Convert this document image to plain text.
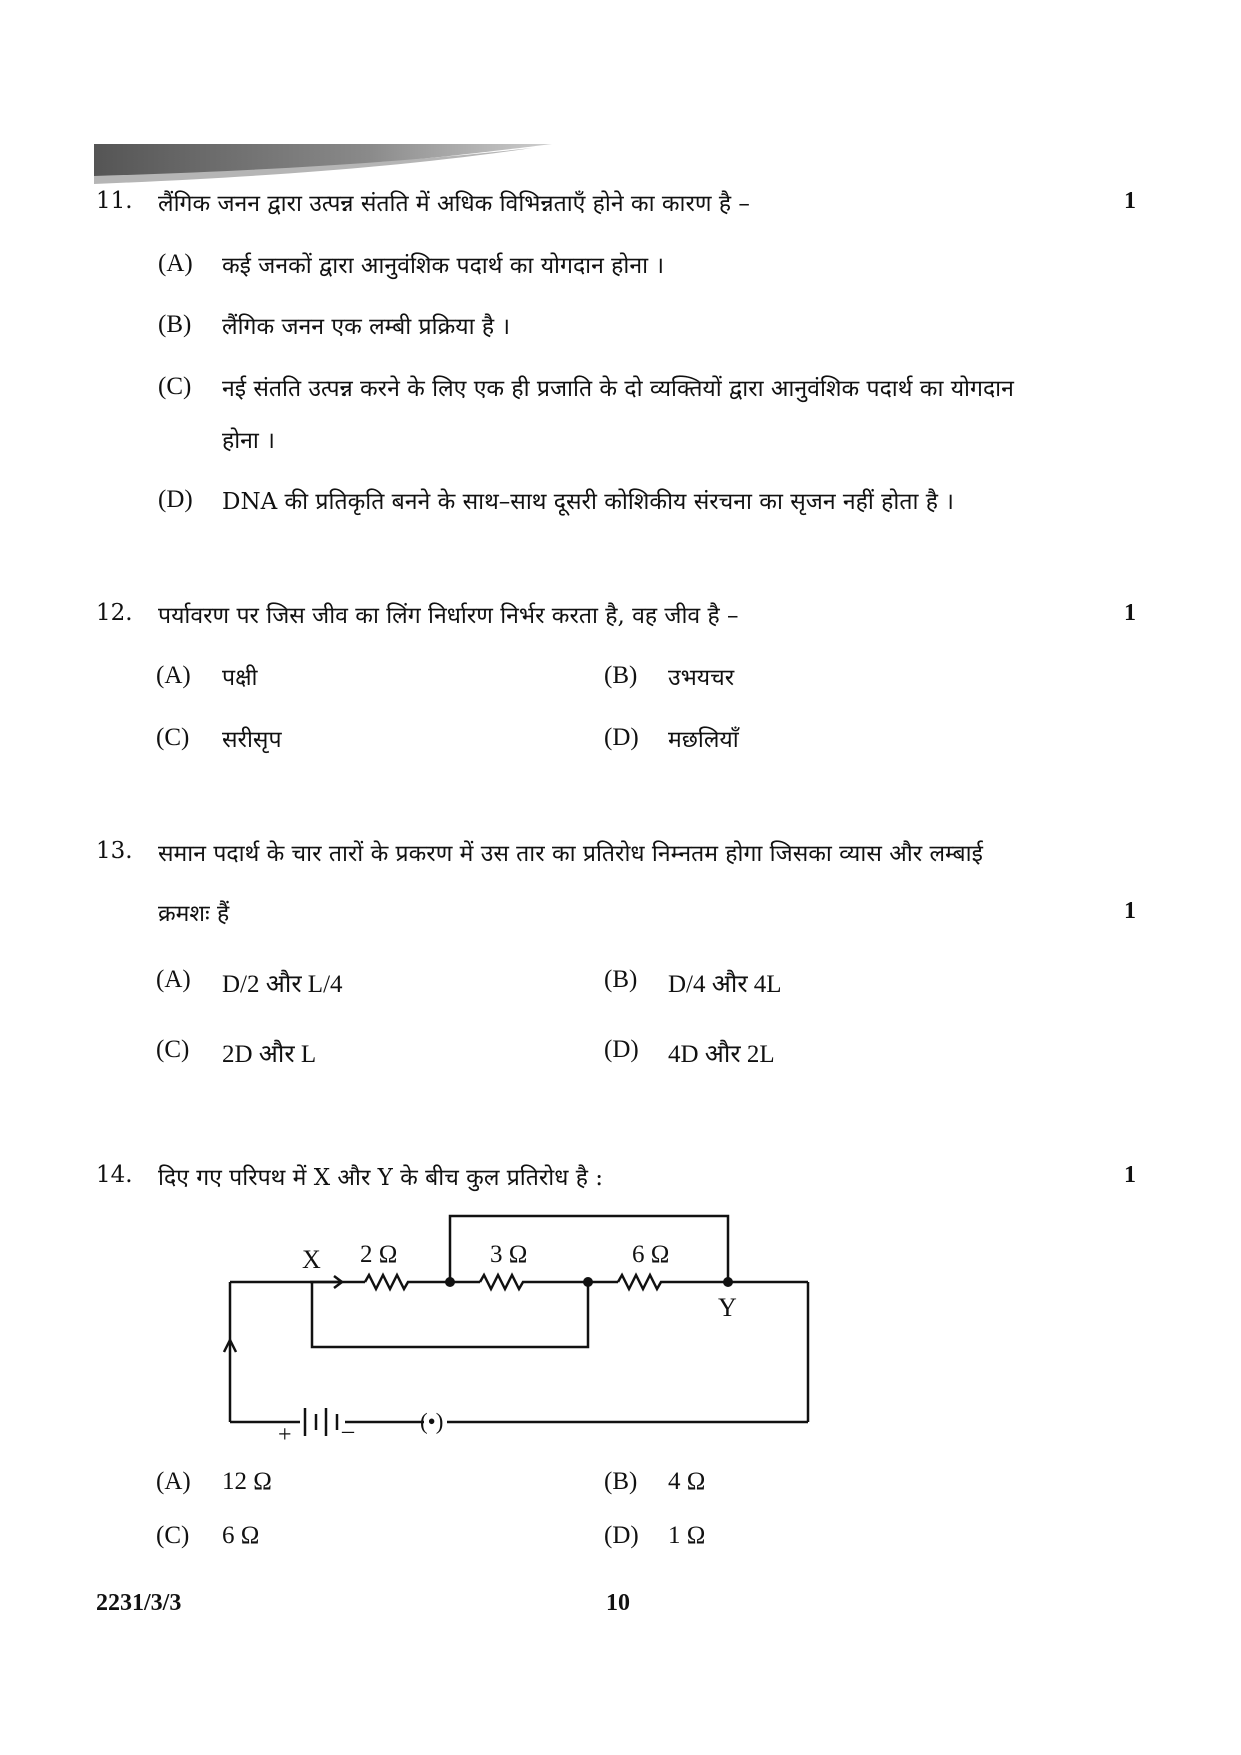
11. लैंगिक जनन द्वारा उत्पन्न संतति में अधिक विभिन्नताएँ होने का कारण है –	1
(A) कई जनकों द्वारा आनुवंशिक पदार्थ का योगदान होना ।
(B) लैंगिक जनन एक लम्बी प्रक्रिया है ।
(C) नई संतति उत्पन्न करने के लिए एक ही प्रजाति के दो व्यक्तियों द्वारा आनुवंशिक पदार्थ का योगदान
होना ।
(D) DNA की प्रतिकृति बनने के साथ–साथ दूसरी कोशिकीय संरचना का सृजन नहीं होता है ।
12. पर्यावरण पर जिस जीव का लिंग निर्धारण निर्भर करता है, वह जीव है –	1
(A) पक्षी	(B) उभयचर
(C) सरीसृप	(D) मछलियाँ
13. समान पदार्थ के चार तारों के प्रकरण में उस तार का प्रतिरोध निम्नतम होगा जिसका व्यास और लम्बाई
क्रमशः हैं	1
(A) D/2 और L/4	(B) D/4 और 4L
(C) 2D और L	(D) 4D और 2L
14. दिए गए परिपथ में X और Y के बीच कुल प्रतिरोध है :	1
X
Y
2 Ω	3 Ω	6 Ω
+ –	(•)
(A) 12 Ω	(B) 4 Ω
(C) 6 Ω	(D) 1 Ω
2231/3/3	10
